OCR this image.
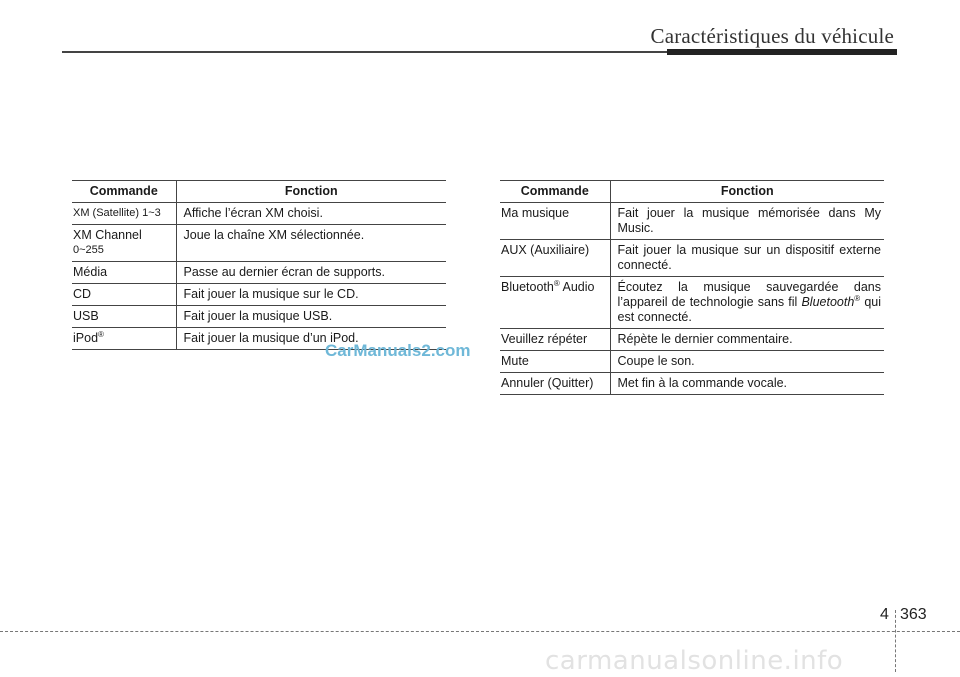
Caractéristiques du véhicule
Commande	Fonction
XM (Satellite) 1~3	Affiche l’écran XM choisi.

XM Channel
0~255	Joue la chaîne XM sélectionnée.
Média	Passe au dernier écran de supports.
CD	Fait jouer la musique sur le CD.
USB	Fait jouer la musique USB.
iPod®	Fait jouer la musique d’un iPod.
Commande	Fonction
Ma musique	Fait jouer la musique mémorisée dans My Music.
AUX (Auxiliaire)	Fait jouer la musique sur un dispositif externe connecté.
Bluetooth® Audio	Écoutez la musique sauvegardée dans l’appareil de technologie sans fil Bluetooth® qui est connecté.
Veuillez répéter	Répète le dernier commentaire.
Mute	Coupe le son.
Annuler (Quitter)	Met fin à la commande vocale.
CarManuals2.com
4 363
carmanualsonline.info
